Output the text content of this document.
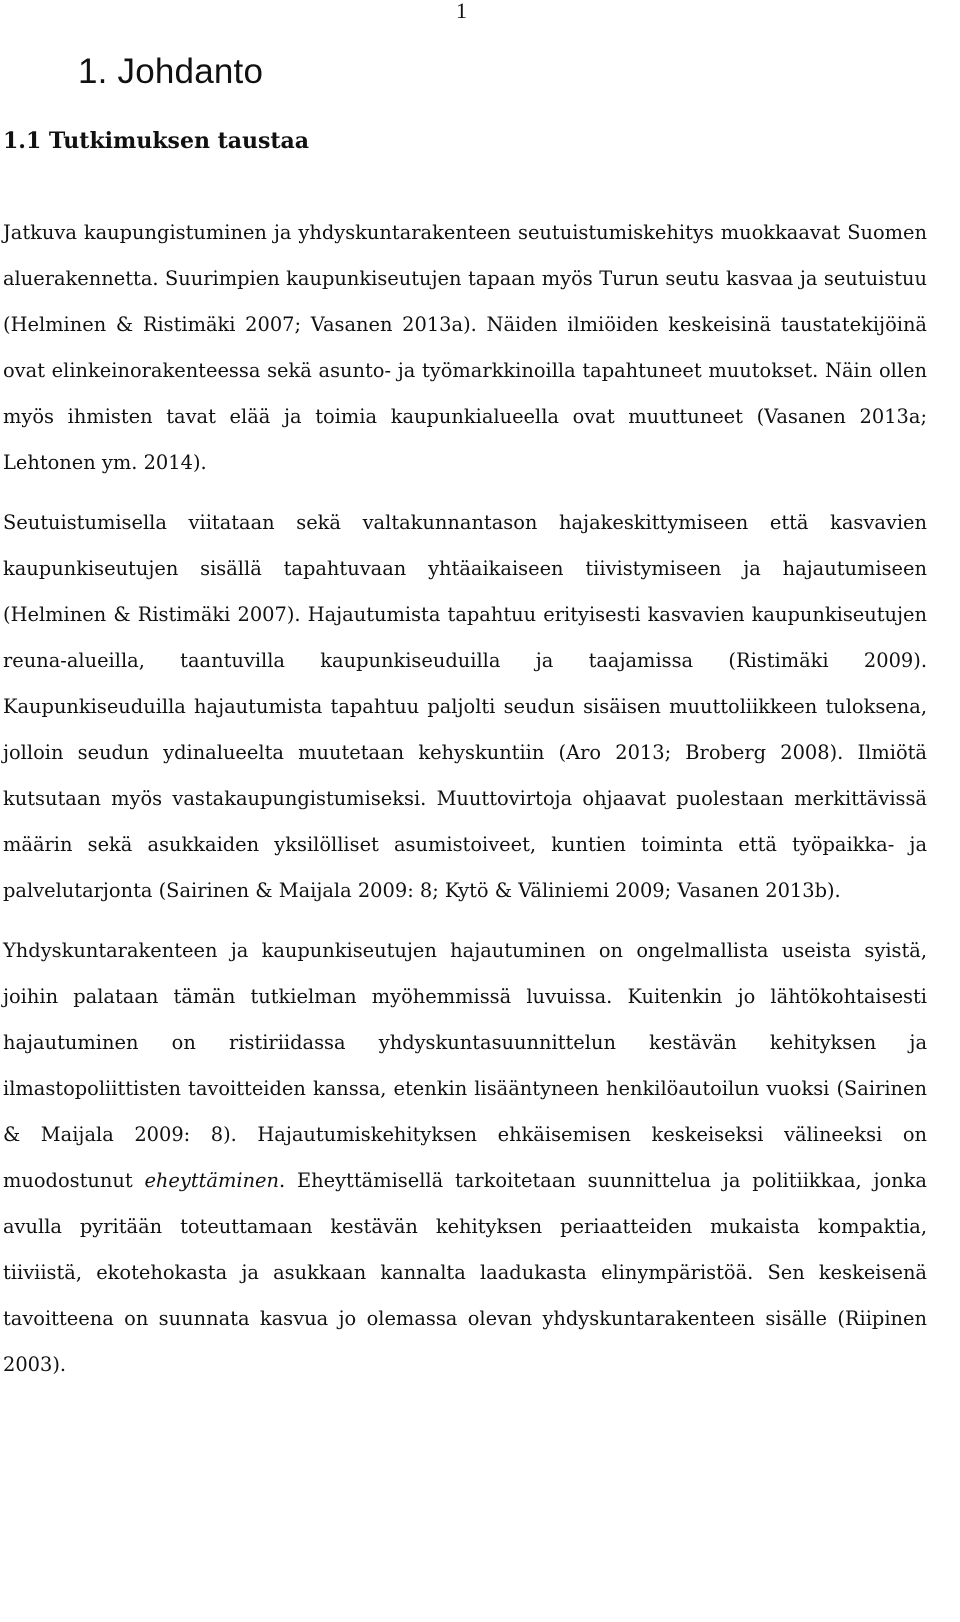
1
1. Johdanto
1.1 Tutkimuksen taustaa

Jatkuva kaupungistuminen ja yhdyskuntarakenteen seutuistumiskehitys muokkaavat Suomen aluerakennetta. Suurimpien kaupunkiseutujen tapaan myös Turun seutu kasvaa ja seutuistuu (Helminen & Ristimäki 2007; Vasanen 2013a). Näiden ilmiöiden keskeisinä taustatekijöinä ovat elinkeinorakenteessa sekä asunto- ja työmarkkinoilla tapahtuneet muutokset. Näin ollen myös ihmisten tavat elää ja toimia kaupunkialueella ovat muuttuneet (Vasanen 2013a; Lehtonen ym. 2014).

Seutuistumisella viitataan sekä valtakunnantason hajakeskittymiseen että kasvavien kaupunkiseutujen sisällä tapahtuvaan yhtäaikaiseen tiivistymiseen ja hajautumiseen (Helminen & Ristimäki 2007). Hajautumista tapahtuu erityisesti kasvavien kaupunkiseutujen reuna-alueilla, taantuvilla kaupunkiseuduilla ja taajamissa (Ristimäki 2009). Kaupunkiseuduilla hajautumista tapahtuu paljolti seudun sisäisen muuttoliikkeen tuloksena, jolloin seudun ydinalueelta muutetaan kehyskuntiin (Aro 2013; Broberg 2008). Ilmiötä kutsutaan myös vastakaupungistumiseksi. Muuttovirtoja ohjaavat puolestaan merkittävissä määrin sekä asukkaiden yksilölliset asumistoiveet, kuntien toiminta että työpaikka- ja palvelutarjonta (Sairinen & Maijala 2009: 8; Kytö & Väliniemi 2009; Vasanen 2013b).

Yhdyskuntarakenteen ja kaupunkiseutujen hajautuminen on ongelmallista useista syistä, joihin palataan tämän tutkielman myöhemmissä luvuissa. Kuitenkin jo lähtökohtaisesti hajautuminen on ristiriidassa yhdyskuntasuunnittelun kestävän kehityksen ja ilmastopoliittisten tavoitteiden kanssa, etenkin lisääntyneen henkilöautoilun vuoksi (Sairinen & Maijala 2009: 8). Hajautumiskehityksen ehkäisemisen keskeiseksi välineeksi on muodostunut eheyttäminen. Eheyttämisellä tarkoitetaan suunnittelua ja politiikkaa, jonka avulla pyritään toteuttamaan kestävän kehityksen periaatteiden mukaista kompaktia, tiiviistä, ekotehokasta ja asukkaan kannalta laadukasta elinympäristöä. Sen keskeisenä tavoitteena on suunnata kasvua jo olemassa olevan yhdyskuntarakenteen sisälle (Riipinen 2003).
